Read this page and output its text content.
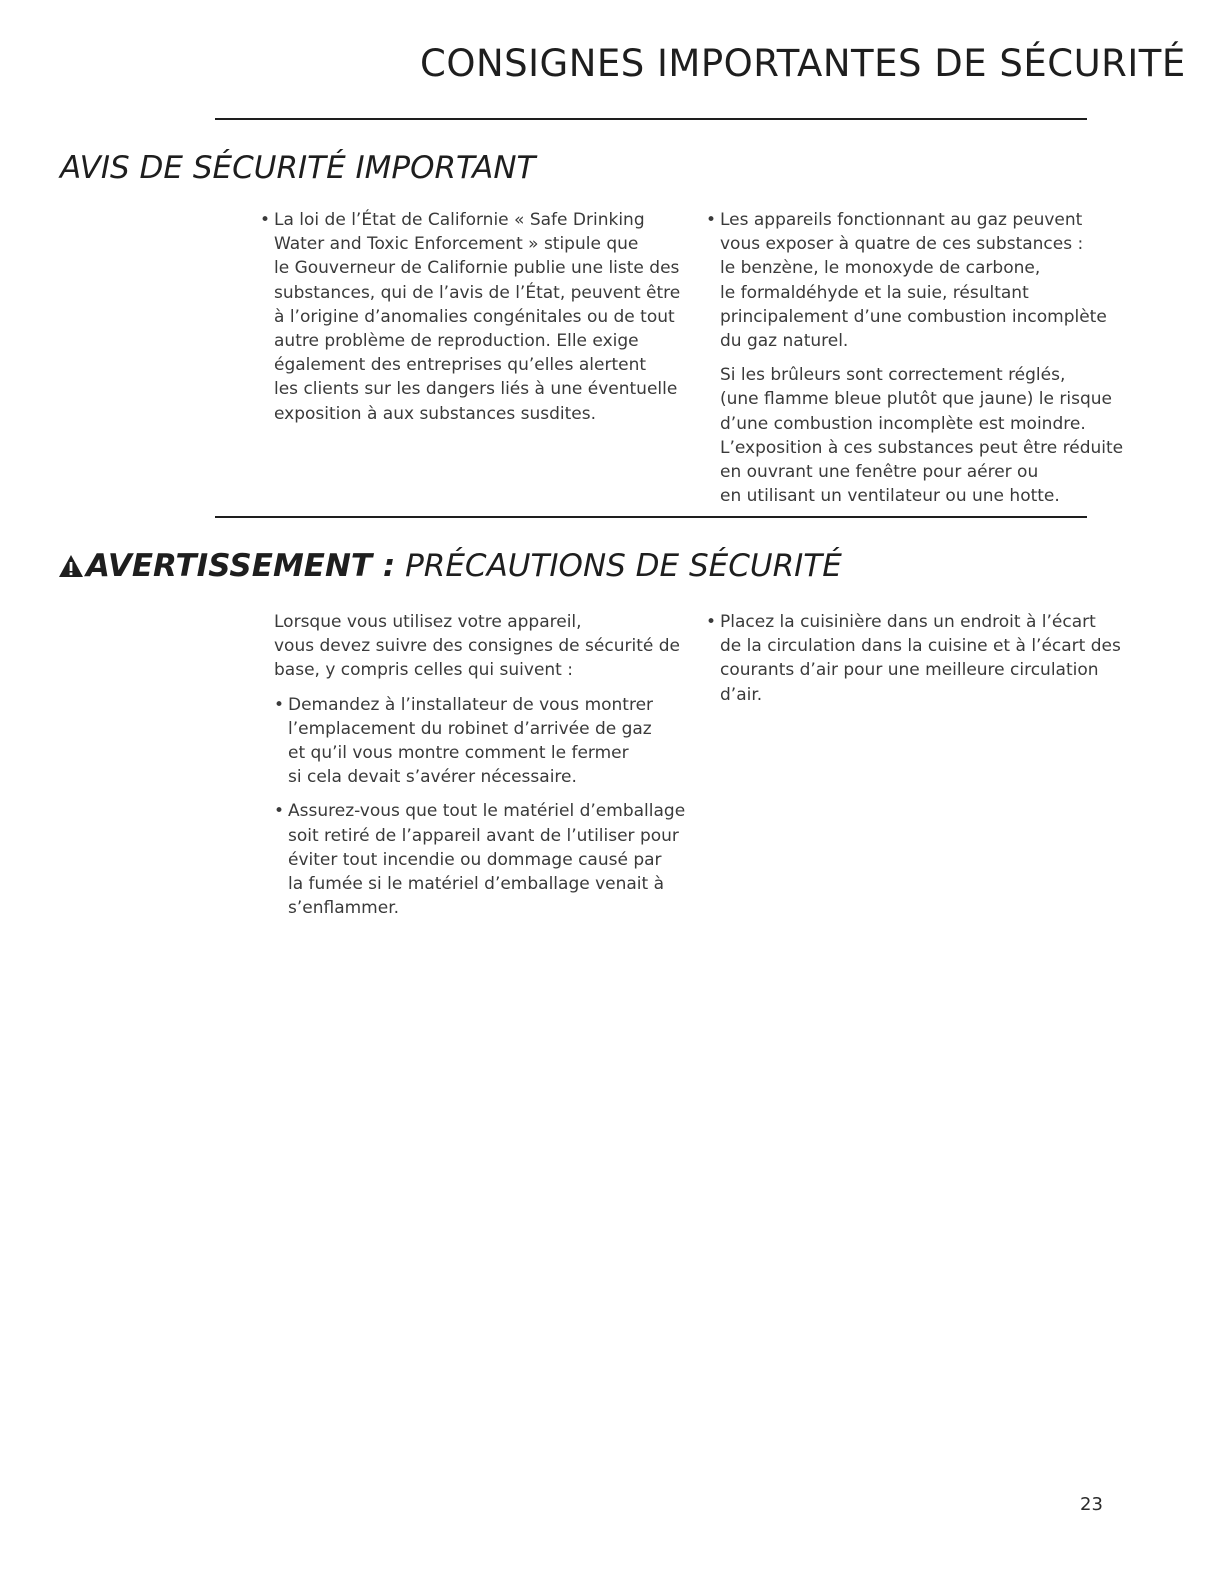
CONSIGNES IMPORTANTES DE SÉCURITÉ
AVIS DE SÉCURITÉ IMPORTANT
• La loi de l’État de Californie « Safe Drinking
Water and Toxic Enforcement » stipule que
le Gouverneur de Californie publie une liste des
substances, qui de l’avis de l’État, peuvent être
à l’origine d’anomalies congénitales ou de tout
autre problème de reproduction. Elle exige
également des entreprises qu’elles alertent
les clients sur les dangers liés à une éventuelle
exposition à aux substances susdites.
• Les appareils fonctionnant au gaz peuvent
vous exposer à quatre de ces substances :
le benzène, le monoxyde de carbone,
le formaldéhyde et la suie, résultant
principalement d’une combustion incomplète
du gaz naturel.

Si les brûleurs sont correctement réglés,
(une flamme bleue plutôt que jaune) le risque
d’une combustion incomplète est moindre.
L’exposition à ces substances peut être réduite
en ouvrant une fenêtre pour aérer ou
en utilisant un ventilateur ou une hotte.

AVERTISSEMENT : PRÉCAUTIONS DE SÉCURITÉ

Lorsque vous utilisez votre appareil,
vous devez suivre des consignes de sécurité de
base, y compris celles qui suivent :

• Demandez à l’installateur de vous montrer
l’emplacement du robinet d’arrivée de gaz
et qu’il vous montre comment le fermer
si cela devait s’avérer nécessaire.
• Assurez-vous que tout le matériel d’emballage
soit retiré de l’appareil avant de l’utiliser pour
éviter tout incendie ou dommage causé par
la fumée si le matériel d’emballage venait à
s’enflammer.
• Placez la cuisinière dans un endroit à l’écart
de la circulation dans la cuisine et à l’écart des
courants d’air pour une meilleure circulation
d’air.
23
